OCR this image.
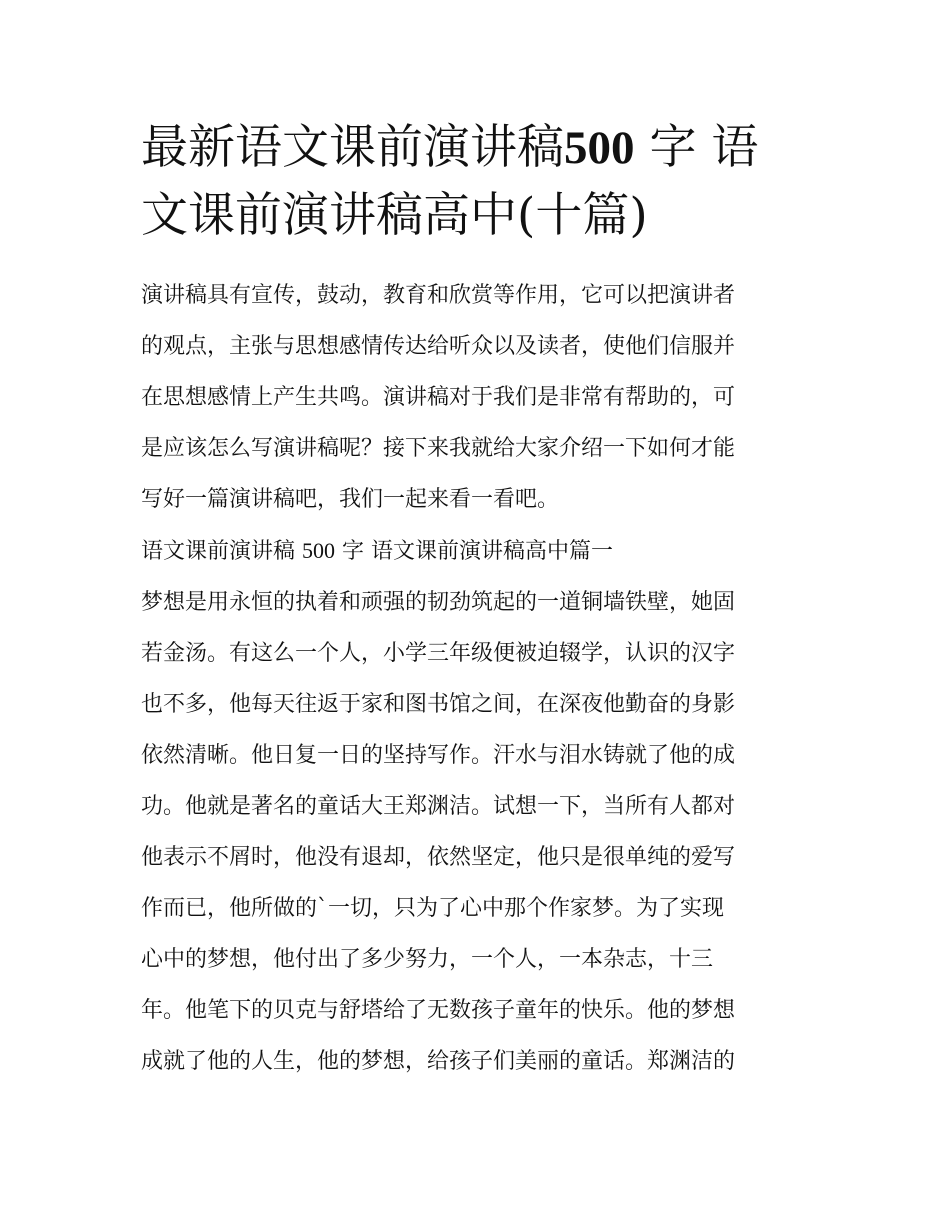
最新语文课前演讲稿500 字 语
文课前演讲稿高中(十篇)

演讲稿具有宣传，鼓动，教育和欣赏等作用，它可以把演讲者

的观点，主张与思想感情传达给听众以及读者，使他们信服并

在思想感情上产生共鸣。演讲稿对于我们是非常有帮助的，可

是应该怎么写演讲稿呢？接下来我就给大家介绍一下如何才能

写好一篇演讲稿吧，我们一起来看一看吧。

语文课前演讲稿 500 字 语文课前演讲稿高中篇一

梦想是用永恒的执着和顽强的韧劲筑起的一道铜墙铁壁，她固

若金汤。有这么一个人，小学三年级便被迫辍学，认识的汉字

也不多，他每天往返于家和图书馆之间，在深夜他勤奋的身影

依然清晰。他日复一日的坚持写作。汗水与泪水铸就了他的成

功。他就是著名的童话大王郑渊洁。试想一下，当所有人都对

他表示不屑时，他没有退却，依然坚定，他只是很单纯的爱写

作而已，他所做的`一切，只为了心中那个作家梦。为了实现

心中的梦想，他付出了多少努力，一个人，一本杂志，十三

年。他笔下的贝克与舒塔给了无数孩子童年的快乐。他的梦想

成就了他的人生，他的梦想，给孩子们美丽的童话。郑渊洁的
